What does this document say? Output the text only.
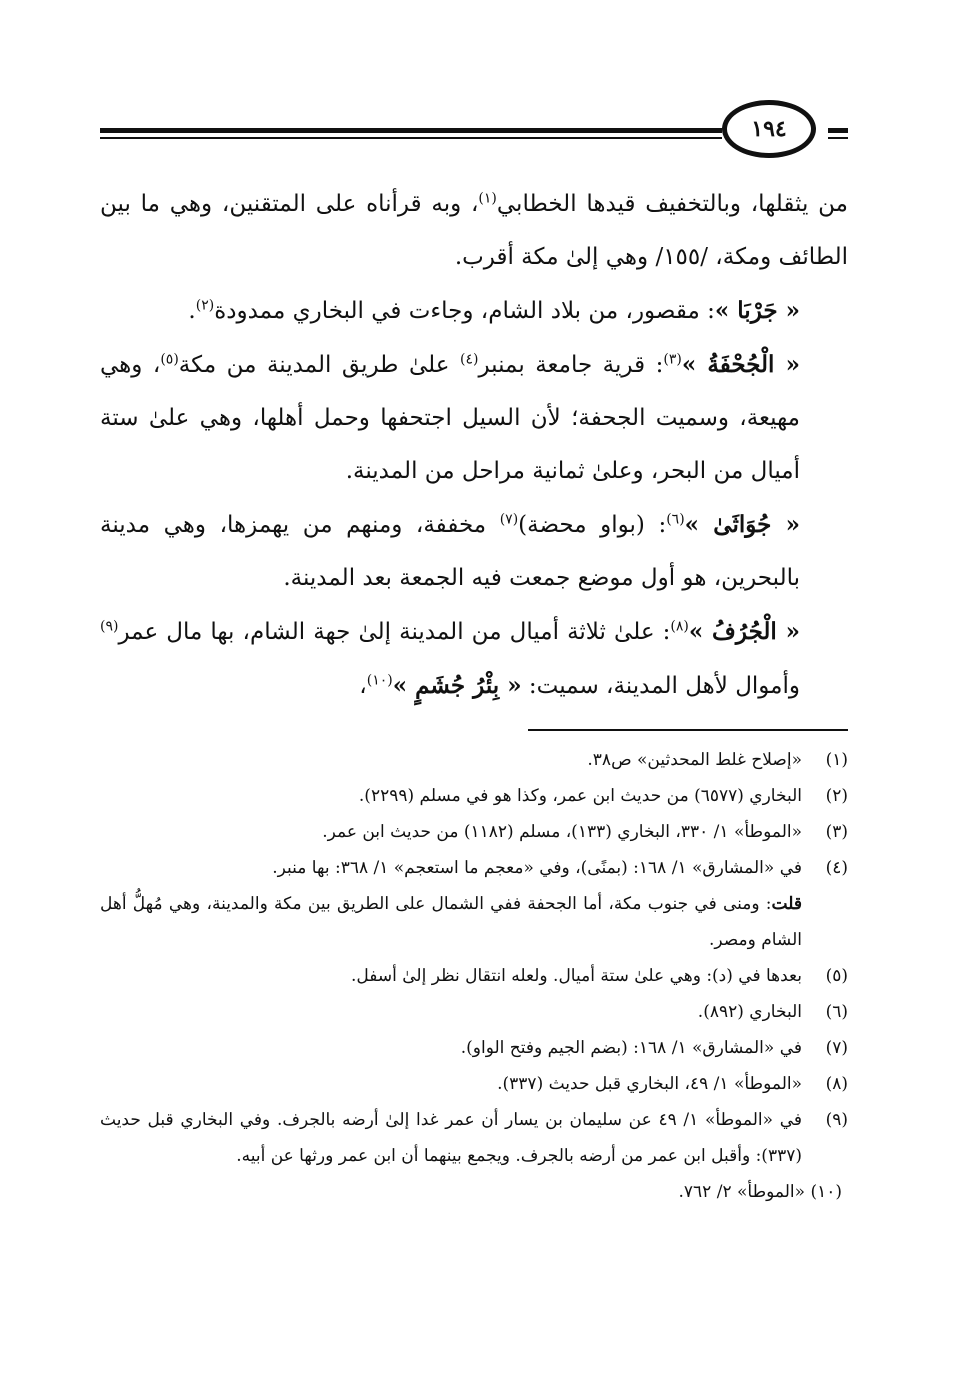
١٩٤

من يثقلها، وبالتخفيف قيدها الخطابي$^{(١)}$، وبه قرأناه على المتقنين، وهي ما بين الطائف ومكة، /١٥٥/ وهي إلىٰ مكة أقرب.

« جَرْبَا »: مقصور، من بلاد الشام، وجاءت في البخاري ممدودة$^{(٢)}$.

« الْجُحْفَةُ »$^{(٣)}$: قرية جامعة بمنبر$^{(٤)}$ علىٰ طريق المدينة من مكة$^{(٥)}$، وهي مهيعة، وسميت الجحفة؛ لأن السيل اجتحفها وحمل أهلها، وهي علىٰ ستة أميال من البحر، وعلىٰ ثمانية مراحل من المدينة.

« جُوَاثَىٰ »$^{(٦)}$: (بواو محضة)$^{(٧)}$ مخففة، ومنهم من يهمزها، وهي مدينة بالبحرين، هو أول موضع جمعت فيه الجمعة بعد المدينة.

« الْجُرُفُ »$^{(٨)}$: علىٰ ثلاثة أميال من المدينة إلىٰ جهة الشام، بها مال عمر$^{(٩)}$ وأموال لأهل المدينة، سميت: « بِئْرُ جُشَمٍ »$^{(١٠)}$،

(١)
«إصلاح غلط المحدثين» ص٣٨.

(٢)
البخاري (٦٥٧٧) من حديث ابن عمر، وكذا هو في مسلم (٢٢٩٩).

(٣)
«الموطأ» ١/ ٣٣٠، البخاري (١٣٣)، مسلم (١١٨٢) من حديث ابن عمر.

(٤)
في «المشارق» ١/ ١٦٨: (بمنًى)، وفي «معجم ما استعجم» ١/ ٣٦٨: بها منبر.

قلت: ومنى في جنوب مكة، أما الجحفة ففي الشمال على الطريق بين مكة والمدينة، وهي مُهلُّ أهل الشام ومصر.

(٥)
بعدها في (د): وهي علىٰ ستة أميال. ولعله انتقال نظر إلىٰ أسفل.

(٦)
البخاري (٨٩٢).

(٧)
في «المشارق» ١/ ١٦٨: (بضم الجيم وفتح الواو).

(٨)
«الموطأ» ١/ ٤٩، البخاري قبل حديث (٣٣٧).

(٩)
في «الموطأ» ١/ ٤٩ عن سليمان بن يسار أن عمر غدا إلىٰ أرضه بالجرف. وفي البخاري قبل حديث (٣٣٧): وأقبل ابن عمر من أرضه بالجرف. ويجمع بينهما أن ابن عمر ورثها عن أبيه.

(١٠) «الموطأ» ٢/ ٧٦٢.
